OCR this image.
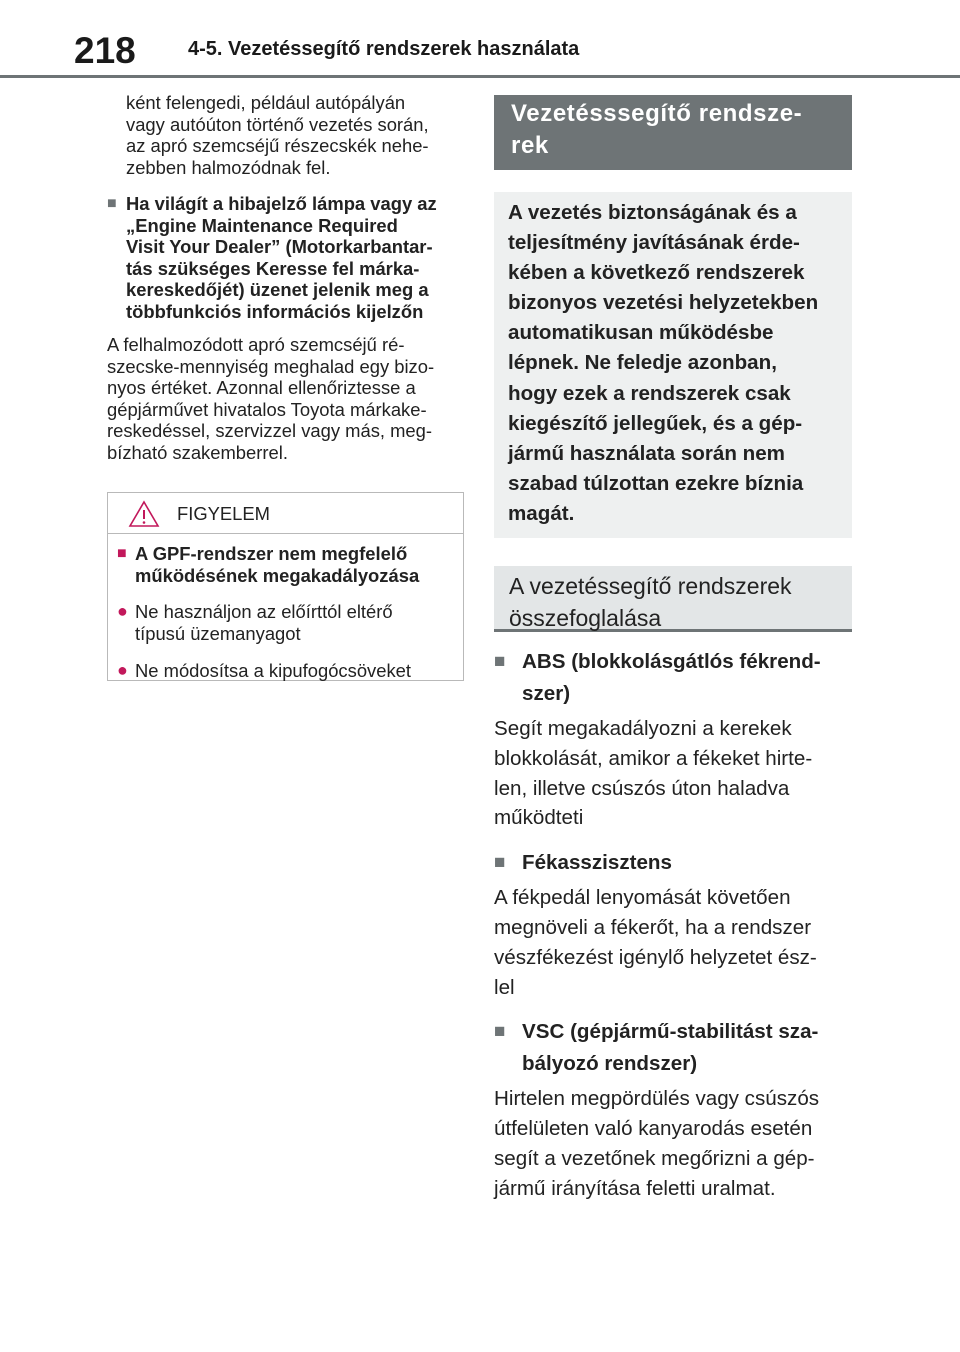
218	4-5. Vezetéssegítő rendszerek használata

ként felengedi, például autópályán
vagy autóúton történő vezetés során,
az apró szemcséjű részecskék nehe-
zebben halmozódnak fel.

■ Ha világít a hibajelző lámpa vagy az
„Engine Maintenance Required
Visit Your Dealer” (Motorkarbantar-
tás szükséges Keresse fel márka-
kereskedőjét) üzenet jelenik meg a
többfunkciós információs kijelzőn

A felhalmozódott apró szemcséjű ré-
szecske-mennyiség meghalad egy bizo-
nyos értéket. Azonnal ellenőriztesse a
gépjárművet hivatalos Toyota márkake-
reskedéssel, szervizzel vagy más, meg-
bízható szakemberrel.

FIGYELEM
■ A GPF-rendszer nem megfelelő
működésének megakadályozása
● Ne használjon az előírttól eltérő
típusú üzemanyagot
● Ne módosítsa a kipufogócsöveket
Vezetésssegítő rendsze-
rek
A vezetés biztonságának és a
teljesítmény javításának érde-
kében a következő rendszerek
bizonyos vezetési helyzetekben
automatikusan működésbe
lépnek. Ne feledje azonban,
hogy ezek a rendszerek csak
kiegészítő jellegűek, és a gép-
jármű használata során nem
szabad túlzottan ezekre bíznia
magát.
A vezetéssegítő rendszerek
összefoglalása
■ ABS (blokkolásgátlós fékrend-
szer)
Segít megakadályozni a kerekek
blokkolását, amikor a fékeket hirte-
len, illetve csúszós úton haladva
működteti
■ Fékasszisztens
A fékpedál lenyomását követően
megnöveli a fékerőt, ha a rendszer
vészfékezést igénylő helyzetet ész-
lel
■ VSC (gépjármű-stabilitást sza-
bályozó rendszer)
Hirtelen megpördülés vagy csúszós
útfelületen való kanyarodás esetén
segít a vezetőnek megőrizni a gép-
jármű irányítása feletti uralmat.
